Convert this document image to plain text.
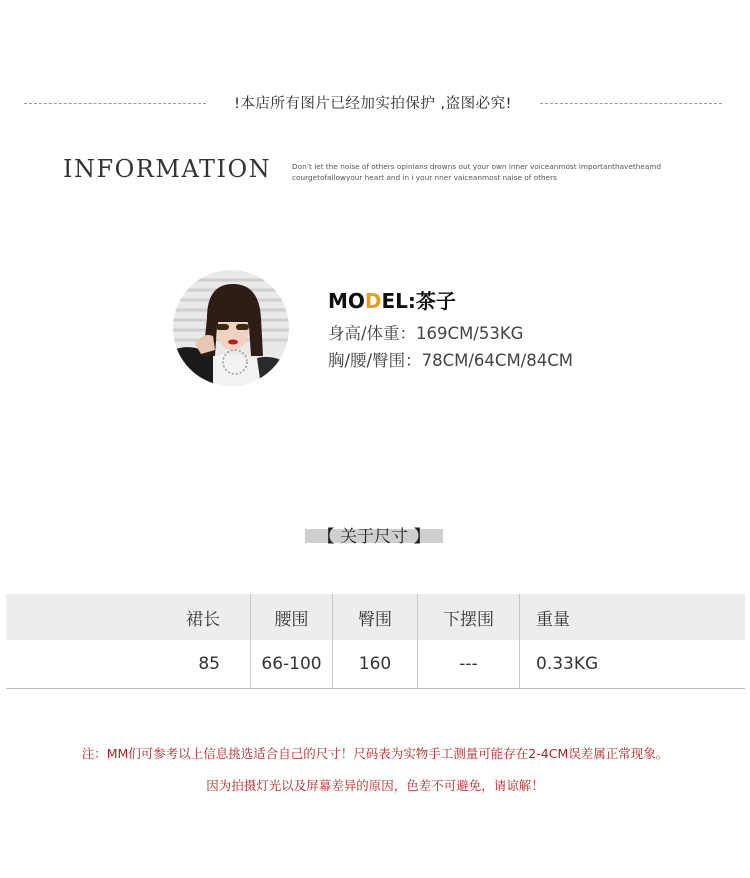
!本店所有图片已经加实拍保护 ,盗图必究!
INFORMATION	Don’t let the noise of others opinians drowns out your own inner voiceanmost importanthavetheamd
courgetofallowyour heart and in i your nner vaiceanmost naise of others
MODEL:茶子
身高/体重：169CM/53KG
胸/腰/臀围：78CM/64CM/84CM
【 关于尺寸 】
裙长	腰围	臀围	下摆围	重量
85	66-100	160	---	0.33KG
注：MM们可参考以上信息挑选适合自己的尺寸！尺码表为实物手工测量可能存在2-4CM误差属正常现象。
因为拍摄灯光以及屏幕差异的原因，色差不可避免，请谅解！
